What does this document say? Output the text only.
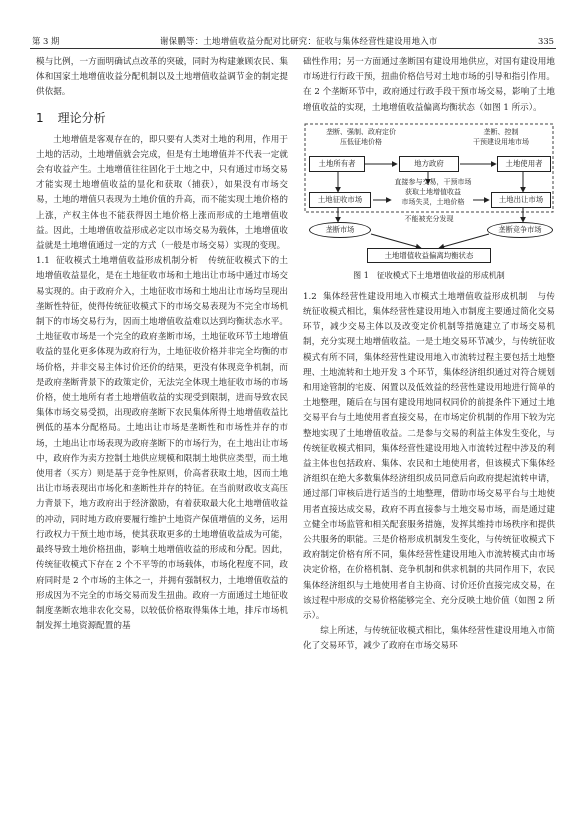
第 3 期	谢保鹏等：土地增值收益分配对比研究：征收与集体经营性建设用地入市	335

模与比例，一方面明确试点改革的突破，同时为构建兼顾农民、集体和国家土地增值收益分配机制以及土地增值收益调节金的制定提供依据。

1 理论分析

土地增值是客观存在的，即只要有人类对土地的利用，作用于土地的活动，土地增值就会完成，但是有土地增值并不代表一定就会有收益产生。土地增值往往固化于土地之中，只有通过市场交易才能实现土地增值收益的显化和获取（捕获），如果没有市场交易，土地的增值只表现为土地价值的升高，而不能实现土地价格的上涨，产权主体也不能获得因土地价格上涨而形成的土地增值收益。因此，土地增值收益形成必定以市场交易为载体，土地增值收益就是土地增值通过一定的方式（一般是市场交易）实现的变现。

1.1 征收模式土地增值收益形成机制分析 传统征收模式下的土地增值收益显化，是在土地征收市场和土地出让市场中通过市场交易实现的。由于政府介入，土地征收市场和土地出让市场均呈现出垄断性特征，使得传统征收模式下的市场交易表现为不完全市场机制下的市场交易行为，因而土地增值收益难以达到均衡状态水平。土地征收市场是一个完全的政府垄断市场，土地征收环节土地增值收益的显化更多体现为政府行为，土地征收价格并非完全均衡的市场价格，并非交易主体讨价还价的结果，更没有体现竞争机制，而是政府垄断背景下的政策定价，无法完全体现土地征收市场的市场价格，使土地所有者土地增值收益的实现受到限制，进而导致农民集体市场交易受损，出现政府垄断下农民集体所得土地增值收益比例低的基本分配格局。土地出让市场是垄断性和市场性并存的市场，土地出让市场表现为政府垄断下的市场行为，在土地出让市场中，政府作为卖方控制土地供应规模和限制土地供应类型，而土地使用者（买方）则是基于竞争性原则，价高者获取土地，因而土地出让市场表现出市场化和垄断性并存的特征。在当前财政收支高压力背景下，地方政府出于经济激励，有着获取最大化土地增值收益的冲动，同时地方政府要履行维护土地资产保值增值的义务，运用行政权力干预土地市场，使其获取更多的土地增值收益成为可能，最终导致土地价格扭曲，影响土地增值收益的形成和分配。因此，传统征收模式下存在 2 个不平等的市场载体，市场化程度不同，政府同时是 2 个市场的主体之一，并拥有强制权力，土地增值收益的形成因为不完全的市场交易而发生扭曲。政府一方面通过土地征收制度垄断农地非农化交易，以较低价格取得集体土地，排斥市场机制发挥土地资源配置的基

础性作用；另一方面通过垄断国有建设用地供应，对国有建设用地市场进行行政干预，扭曲价格信号对土地市场的引导和指引作用。在 2 个垄断环节中，政府通过行政手段干预市场交易，影响了土地增值收益的实现，土地增值收益偏离均衡状态（如图 1 所示）。

垄断、强制、政府定价
压低征地价格
垄断、控制
干预建设用地市场
土地所有者	地方政府	土地使用者
土地征收市场
直接参与交易，干预市场
获取土地增值收益
市场失灵，土地价格	土地出让市场
不能被充分发现
垄断市场	垄断竞争市场
土地增值收益偏离均衡状态
图 1　征收模式下土地增值收益的形成机制

1.2 集体经营性建设用地入市模式土地增值收益形成机制 与传统征收模式相比，集体经营性建设用地入市制度主要通过简化交易环节，减少交易主体以及改变定价机制等措施建立了市场交易机制，充分实现土地增值收益。一是土地交易环节减少，与传统征收模式有所不同，集体经营性建设用地入市流转过程主要包括土地整理、土地流转和土地开发 3 个环节，集体经济组织通过对符合规划和用途管制的宅废、闲置以及低效益的经营性建设用地进行简单的土地整理，随后在与国有建设用地同权同价的前提条件下通过土地交易平台与土地使用者直接交易，在市场定价机制的作用下较为完整地实现了土地增值收益。二是参与交易的利益主体发生变化，与传统征收模式相同，集体经营性建设用地入市流转过程中涉及的利益主体也包括政府、集体、农民和土地使用者，但该模式下集体经济组织在绝大多数集体经济组织成员同意后向政府提起流转申请，通过部门审核后进行适当的土地整理，借助市场交易平台与土地使用者直接达成交易，政府不再直接参与土地交易市场，而是通过建立健全市场监管和相关配套服务措施，发挥其维持市场秩序和提供公共服务的职能。三是价格形成机制发生变化，与传统征收模式下政府制定价格有所不同，集体经营性建设用地入市流转模式由市场决定价格，在价格机制、竞争机制和供求机制的共同作用下，农民集体经济组织与土地使用者自主协商、讨价还价直接完成交易，在该过程中形成的交易价格能够完全、充分反映土地价值（如图 2 所示）。

综上所述，与传统征收模式相比，集体经营性建设用地入市简化了交易环节，减少了政府在市场交易环
